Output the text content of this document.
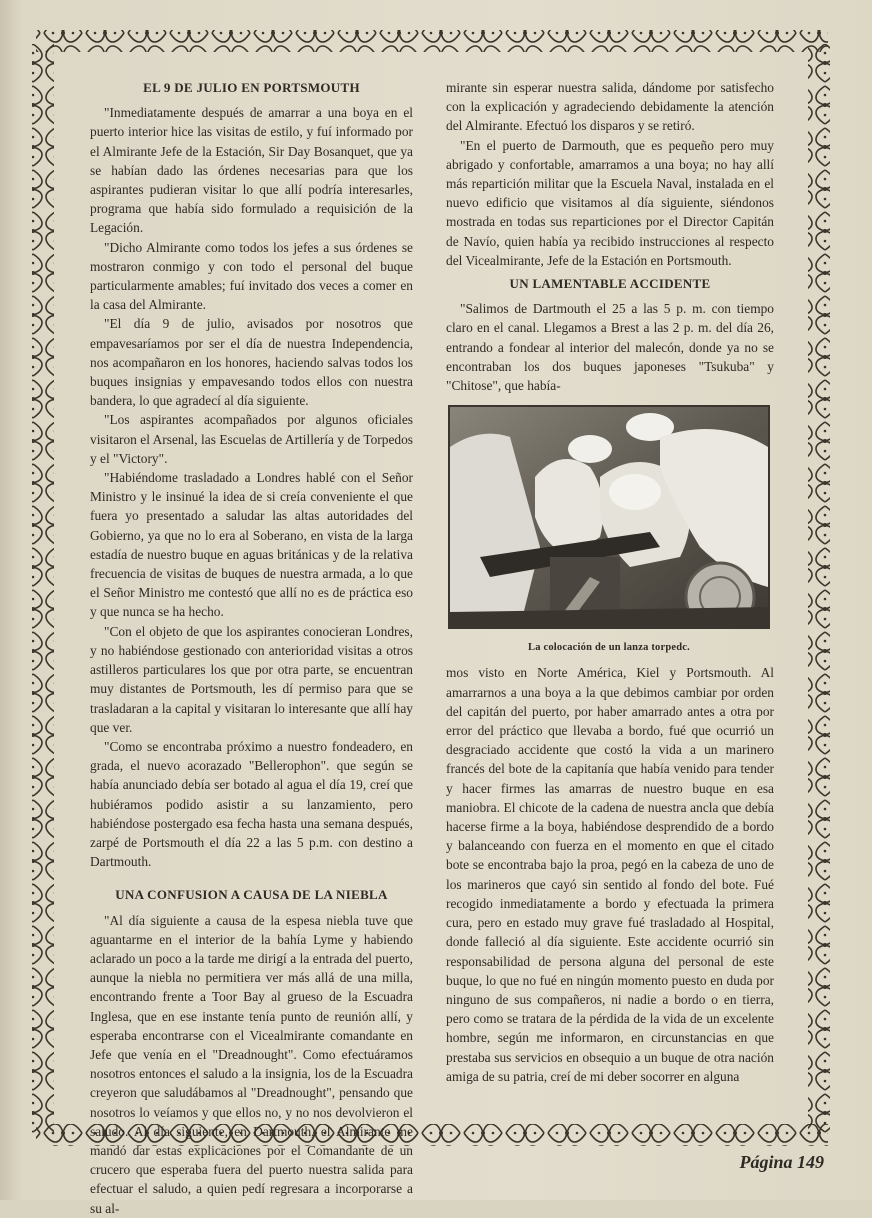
EL 9 DE JULIO EN PORTSMOUTH

"Inmediatamente después de amarrar a una boya en el puerto interior hice las visitas de estilo, y fuí informado por el Almirante Jefe de la Estación, Sir Day Bosanquet, que ya se habían dado las órdenes necesarias para que los aspirantes pudieran visitar lo que allí podría interesarles, programa que había sido formulado a requisición de la Legación.

"Dicho Almirante como todos los jefes a sus órdenes se mostraron conmigo y con todo el personal del buque particularmente amables; fuí invitado dos veces a comer en la casa del Almirante.

"El día 9 de julio, avisados por nosotros que empavesaríamos por ser el día de nuestra Independencia, nos acompañaron en los honores, haciendo salvas todos los buques insignias y empavesando todos ellos con nuestra bandera, lo que agradecí al día siguiente.

"Los aspirantes acompañados por algunos oficiales visitaron el Arsenal, las Escuelas de Artillería y de Torpedos y el "Victory".

"Habiéndome trasladado a Londres hablé con el Señor Ministro y le insinué la idea de si creía conveniente el que fuera yo presentado a saludar las altas autoridades del Gobierno, ya que no lo era al Soberano, en vista de la larga estadía de nuestro buque en aguas británicas y de la relativa frecuencia de visitas de buques de nuestra armada, a lo que el Señor Ministro me contestó que allí no es de práctica eso y que nunca se ha hecho.

"Con el objeto de que los aspirantes conocieran Londres, y no habiéndose gestionado con anterioridad visitas a otros astilleros particulares los que por otra parte, se encuentran muy distantes de Portsmouth, les dí permiso para que se trasladaran a la capital y visitaran lo interesante que allí hay que ver.

"Como se encontraba próximo a nuestro fondeadero, en grada, el nuevo acorazado "Bellerophon". que según se había anunciado debía ser botado al agua el día 19, creí que hubiéramos podido asistir a su lanzamiento, pero habiéndose postergado esa fecha hasta una semana después, zarpé de Portsmouth el día 22 a las 5 p.m. con destino a Dartmouth.

UNA CONFUSION A CAUSA DE LA NIEBLA

"Al día siguiente a causa de la espesa niebla tuve que aguantarme en el interior de la bahía Lyme y habiendo aclarado un poco a la tarde me dirigí a la entrada del puerto, aunque la niebla no permitiera ver más allá de una milla, encontrando frente a Toor Bay al grueso de la Escuadra Inglesa, que en ese instante tenía punto de reunión allí, y esperaba encontrarse con el Vicealmirante comandante en Jefe que venía en el "Dreadnought". Como efectuáramos nosotros entonces el saludo a la insignia, los de la Escuadra creyeron que saludábamos al "Dreadnought", pensando que nosotros lo veíamos y que ellos no, y no nos devolvieron el saludo. Al día siguiente, en Dartmouth, el Almirante me mandó dar estas explicaciones por el Comandante de un crucero que esperaba fuera del puerto nuestra salida para efectuar el saludo, a quien pedí regresara a incorporarse a su al-

mirante sin esperar nuestra salida, dándome por satisfecho con la explicación y agradeciendo debidamente la atención del Almirante. Efectuó los disparos y se retiró.

"En el puerto de Darmouth, que es pequeño pero muy abrigado y confortable, amarramos a una boya; no hay allí más repartición militar que la Escuela Naval, instalada en el nuevo edificio que visitamos al día siguiente, siéndonos mostrada en todas sus reparticiones por el Director Capitán de Navío, quien había ya recibido instrucciones al respecto del Vicealmirante, Jefe de la Estación en Portsmouth.

UN LAMENTABLE ACCIDENTE

"Salimos de Dartmouth el 25 a las 5 p. m. con tiempo claro en el canal. Llegamos a Brest a las 2 p. m. del día 26, entrando a fondear al interior del malecón, donde ya no se encontraban los dos buques japoneses "Tsukuba" y "Chitose", que había-

La colocación de un lanza torpedc.

mos visto en Norte América, Kiel y Portsmouth. Al amarrarnos a una boya a la que debimos cambiar por orden del capitán del puerto, por haber amarrado antes a otra por error del práctico que llevaba a bordo, fué que ocurrió un desgraciado accidente que costó la vida a un marinero francés del bote de la capitanía que había venido para tender y hacer firmes las amarras de nuestro buque en esa maniobra. El chicote de la cadena de nuestra ancla que debía hacerse firme a la boya, habiéndose desprendido de a bordo y balanceando con fuerza en el momento en que el citado bote se encontraba bajo la proa, pegó en la cabeza de uno de los marineros que cayó sin sentido al fondo del bote. Fué recogido inmediatamente a bordo y efectuada la primera cura, pero en estado muy grave fué trasladado al Hospital, donde falleció al día siguiente. Este accidente ocurrió sin responsabilidad de persona alguna del personal de este buque, lo que no fué en ningún momento puesto en duda por ninguno de sus compañeros, ni nadie a bordo o en tierra, pero como se tratara de la pérdida de la vida de un excelente hombre, según me informaron, en circunstancias en que prestaba sus servicios en obsequio a un buque de otra nación amiga de su patria, creí de mi deber socorrer en alguna

Página 149
